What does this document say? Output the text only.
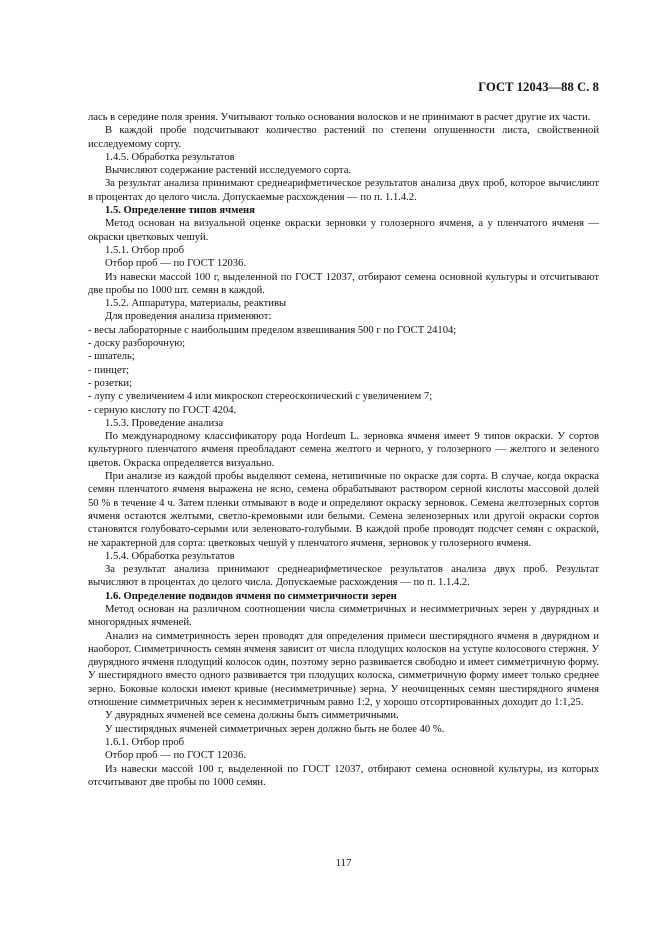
ГОСТ 12043—88 С. 8

лась в середине поля зрения. Учитывают только основания волосков и не принимают в расчет другие их части.

В каждой пробе подсчитывают количество растений по степени опушенности листа, свойственной исследуемому сорту.

1.4.5. Обработка результатов

Вычисляют содержание растений исследуемого сорта.

За результат анализа принимают среднеарифметическое результатов анализа двух проб, которое вычисляют в процентах до целого числа. Допускаемые расхождения — по п. 1.1.4.2.

1.5. Определение типов ячменя

Метод основан на визуальной оценке окраски зерновки у голозерного ячменя, а у пленчатого ячменя — окраски цветковых чешуй.

1.5.1. Отбор проб

Отбор проб — по ГОСТ 12036.

Из навески массой 100 г, выделенной по ГОСТ 12037, отбирают семена основной культуры и отсчитывают две пробы по 1000 шт. семян в каждой.

1.5.2. Аппаратура, материалы, реактивы

Для проведения анализа применяют:

- весы лабораторные с наибольшим пределом взвешивания 500 г по ГОСТ 24104;

- доску разборочную;

- шпатель;

- пинцет;

- розетки;

- лупу с увеличением 4 или микроскоп стереоскопический с увеличением 7;

- серную кислоту по ГОСТ 4204.

1.5.3. Проведение анализа

По международному классификатору рода Hordeum L. зерновка ячменя имеет 9 типов окраски. У сортов культурного пленчатого ячменя преобладают семена желтого и черного, у голозерного — желтого и зеленого цветов. Окраска определяется визуально.

При анализе из каждой пробы выделяют семена, нетипичные по окраске для сорта. В случае, когда окраска семян пленчатого ячменя выражена не ясно, семена обрабатывают раствором серной кислоты массовой долей 50 % в течение 4 ч. Затем пленки отмывают в воде и определяют окраску зерновок. Семена желтозерных сортов ячменя остаются желтыми, светло-кремовыми или белыми. Семена зеленозерных или другой окраски сортов становятся голубовато-серыми или зеленовато-голубыми. В каждой пробе проводят подсчет семян с окраской, не характерной для сорта: цветковых чешуй у пленчатого ячменя, зерновок у голозерного ячменя.

1.5.4. Обработка результатов

За результат анализа принимают среднеарифметическое результатов анализа двух проб. Результат вычисляют в процентах до целого числа. Допускаемые расхождения — по п. 1.1.4.2.

1.6. Определение подвидов ячменя по симметричности зерен

Метод основан на различном соотношении числа симметричных и несимметричных зерен у двурядных и многорядных ячменей.

Анализ на симметричность зерен проводят для определения примеси шестирядного ячменя в двурядном и наоборот. Симметричность семян ячменя зависит от числа плодущих колосков на уступе колосового стержня. У двурядного ячменя плодущий колосок один, поэтому зерно развивается свободно и имеет симметричную форму. У шестирядного вместо одного развивается три плодущих колоска, симметричную форму имеет только среднее зерно. Боковые колоски имеют кривые (несимметричные) зерна. У неочищенных семян шестирядного ячменя отношение симметричных зерен к несимметричным равно 1:2, у хорошо отсортированных доходит до 1:1,25.

У двурядных ячменей все семена должны быть симметричными.

У шестирядных ячменей симметричных зерен должно быть не более 40 %.

1.6.1. Отбор проб

Отбор проб — по ГОСТ 12036.

Из навески массой 100 г, выделенной по ГОСТ 12037, отбирают семена основной культуры, из которых отсчитывают две пробы по 1000 семян.

117
